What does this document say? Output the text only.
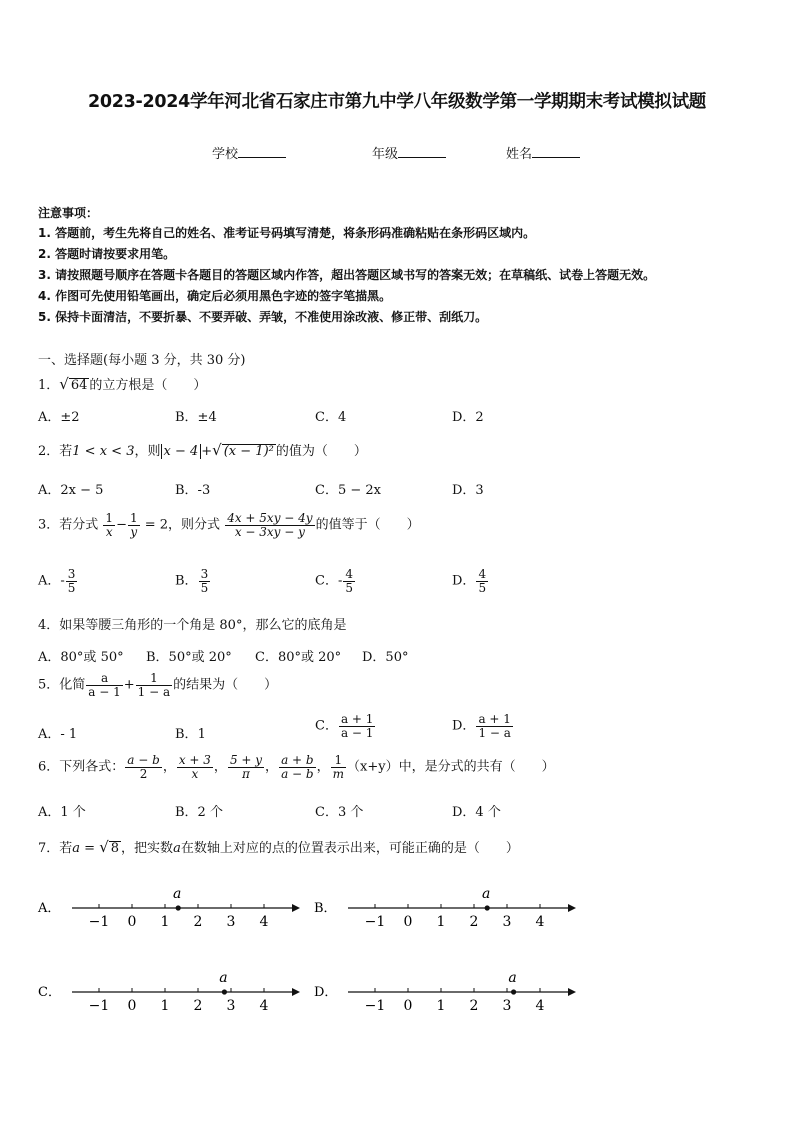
2023-2024学年河北省石家庄市第九中学八年级数学第一学期期末考试模拟试题
学校	年级	姓名
注意事项：
1. 答题前，考生先将自己的姓名、准考证号码填写清楚，将条形码准确粘贴在条形码区域内。
2. 答题时请按要求用笔。
3. 请按照题号顺序在答题卡各题目的答题区域内作答，超出答题区域书写的答案无效；在草稿纸、试卷上答题无效。
4. 作图可先使用铅笔画出，确定后必须用黑色字迹的签字笔描黑。
5. 保持卡面清洁，不要折暴、不要弄破、弄皱，不准使用涂改液、修正带、刮纸刀。
一、选择题(每小题 3 分，共 30 分)
1．√ 64 的立方根是（　　）
A．±2	B．±4	C．4	D．2
2．若1 < x < 3，则 x − 4 +√ (x − 1)² 的值为（　　）
A．2x − 5	B．-3	C．5 − 2x	D．3
3．若分式 $\frac{1}{x} - \frac{1}{y} = 2$，则分式 $\frac{4x + 5xy - 4y}{x - 3xy - y}$ 的值等于（　　）
A．- $\frac{3}{5}$	B． $\frac{3}{5}$	C．- $\frac{4}{5}$	D． $\frac{4}{5}$
4．如果等腰三角形的一个角是 80°，那么它的底角是
A．80°或 50° B．50°或 20° C．80°或 20° D．50°
5．化简 $\frac{a}{a - 1} + \frac{1}{1 - a}$ 的结果为（　　）
A．- 1	B．1
C． $\frac{a + 1}{a - 1}$	D． $\frac{a + 1}{1 - a}$
6．下列各式： $\frac{a - b}{2}$ ， $\frac{x + 3}{x}$ ， $\frac{5 + y}{\pi}$ ， $\frac{a + b}{a - b}$ ， $\frac{1}{m} (x+y)$中，是分式的共有（　　）
A．1 个	B．2 个	C．3 个	D．4 个
7．若a = √ 8 ，把实数a在数轴上对应的点的位置表示出来，可能正确的是（　　）
A．
−1 0 1 2 3 4
a
B．
−1 0 1 2 3 4
a
C．
−1 0 1 2 3 4
a
D．
−1 0 1 2 3 4
a
